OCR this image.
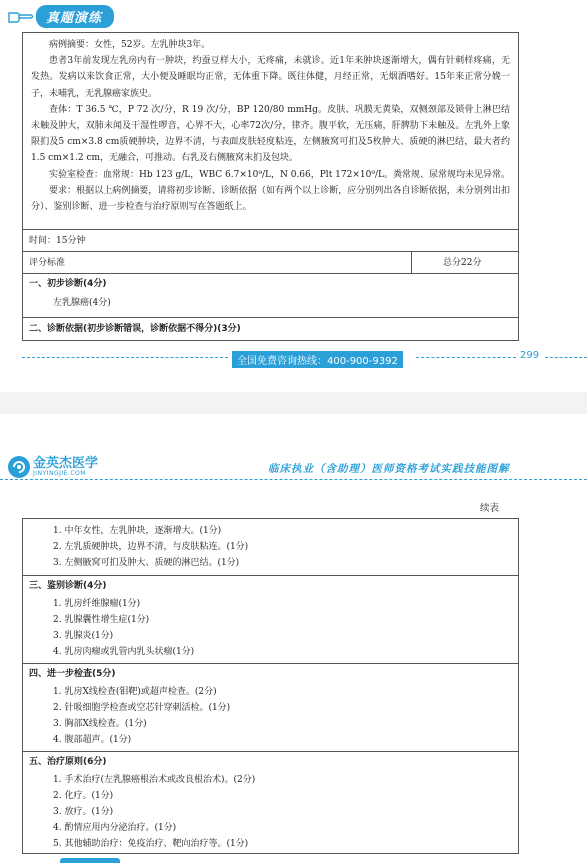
真题演练

病例摘要：女性，52岁。左乳肿块3年。

患者3年前发现左乳房内有一肿块，约蚕豆样大小，无疼痛，未就诊。近1年来肿块逐渐增大，偶有针刺样疼痛，无发热。发病以来饮食正常，大小便及睡眠均正常，无体重下降。既往体健，月经正常，无烟酒嗜好。15年来正常分娩一子，未哺乳，无乳腺癌家族史。

查体：T 36.5 ℃，P 72 次/分，R 19 次/分，BP 120/80 mmHg。皮肤、巩膜无黄染，双侧颈部及锁骨上淋巴结未触及肿大，双肺未闻及干湿性啰音，心界不大，心率72次/分，律齐。腹平软，无压痛，肝脾肋下未触及。左乳外上象限扪及5 cm×3.8 cm质硬肿块，边界不清，与表面皮肤轻度粘连，左侧腋窝可扪及5枚肿大、质硬的淋巴结，最大者约1.5 cm×1.2 cm，无融合，可推动。右乳及右侧腋窝未扪及包块。

实验室检查：血常规：Hb 123 g/L，WBC 6.7×10⁹/L，N 0.66，Plt 172×10⁹/L。粪常规、尿常规均未见异常。

要求：根据以上病例摘要，请将初步诊断、诊断依据（如有两个以上诊断，应分别列出各自诊断依据，未分别列出扣分）、鉴别诊断、进一步检查与治疗原则写在答题纸上。

时间：15分钟
评分标准	总分22分
一、初步诊断(4分)
左乳腺癌(4分)
二、诊断依据(初步诊断错误，诊断依据不得分)(3分)
全国免费咨询热线：400-900-9392
299
金英杰医学
JINYINGJIE.COM	临床执业（含助理）医师资格考试实践技能图解
续表
1. 中年女性，左乳肿块，逐渐增大。(1分)
2. 左乳质硬肿块，边界不清，与皮肤粘连。(1分)
3. 左侧腋窝可扪及肿大、质硬的淋巴结。(1分)
三、鉴别诊断(4分)
1. 乳房纤维腺瘤(1分)
2. 乳腺囊性增生症(1分)
3. 乳腺炎(1分)
4. 乳房肉瘤或乳管内乳头状瘤(1分)
四、进一步检查(5分)
1. 乳房X线检查(钼靶)或超声检查。(2分)
2. 针吸细胞学检查或空芯针穿刺活检。(1分)
3. 胸部X线检查。(1分)
4. 腹部超声。(1分)
五、治疗原则(6分)
1. 手术治疗(左乳腺癌根治术或改良根治术)。(2分)
2. 化疗。(1分)
3. 放疗。(1分)
4. 酌情应用内分泌治疗。(1分)
5. 其他辅助治疗：免疫治疗、靶向治疗等。(1分)
